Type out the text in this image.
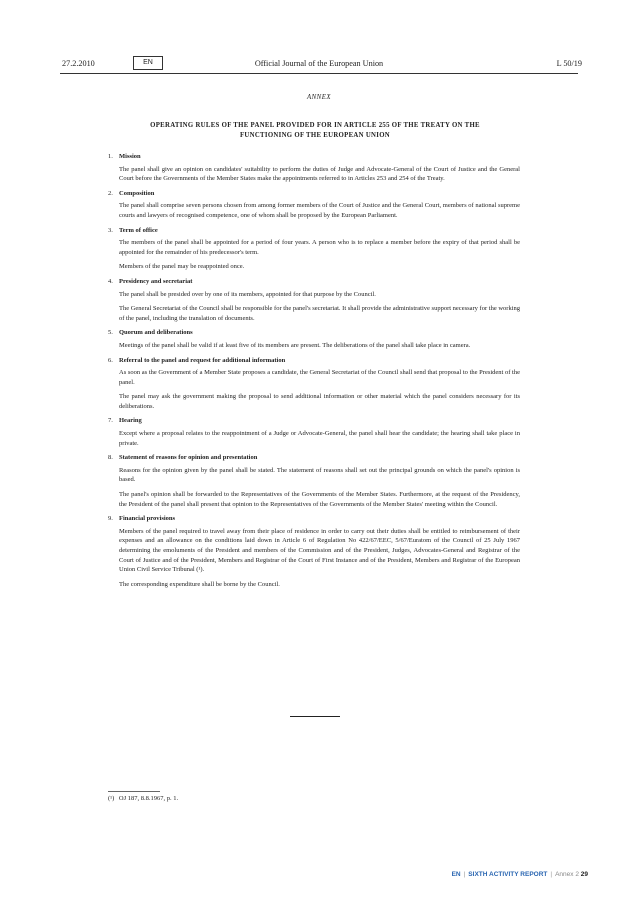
27.2.2010	EN	Official Journal of the European Union	L 50/19
ANNEX
OPERATING RULES OF THE PANEL PROVIDED FOR IN ARTICLE 255 OF THE TREATY ON THE
FUNCTIONING OF THE EUROPEAN UNION
1. Mission
The panel shall give an opinion on candidates' suitability to perform the duties of Judge and Advocate-General of the Court of Justice and the General Court before the Governments of the Member States make the appointments referred to in Articles 253 and 254 of the Treaty.
2. Composition
The panel shall comprise seven persons chosen from among former members of the Court of Justice and the General Court, members of national supreme courts and lawyers of recognised competence, one of whom shall be proposed by the European Parliament.
3. Term of office
The members of the panel shall be appointed for a period of four years. A person who is to replace a member before the expiry of that period shall be appointed for the remainder of his predecessor's term.
Members of the panel may be reappointed once.
4. Presidency and secretariat
The panel shall be presided over by one of its members, appointed for that purpose by the Council.
The General Secretariat of the Council shall be responsible for the panel's secretariat. It shall provide the administrative support necessary for the working of the panel, including the translation of documents.
5. Quorum and deliberations
Meetings of the panel shall be valid if at least five of its members are present. The deliberations of the panel shall take place in camera.
6. Referral to the panel and request for additional information
As soon as the Government of a Member State proposes a candidate, the General Secretariat of the Council shall send that proposal to the President of the panel.
The panel may ask the government making the proposal to send additional information or other material which the panel considers necessary for its deliberations.
7. Hearing
Except where a proposal relates to the reappointment of a Judge or Advocate-General, the panel shall hear the candidate; the hearing shall take place in private.
8. Statement of reasons for opinion and presentation
Reasons for the opinion given by the panel shall be stated. The statement of reasons shall set out the principal grounds on which the panel's opinion is based.
The panel's opinion shall be forwarded to the Representatives of the Governments of the Member States. Furthermore, at the request of the Presidency, the President of the panel shall present that opinion to the Representatives of the Governments of the Member States' meeting within the Council.
9. Financial provisions
Members of the panel required to travel away from their place of residence in order to carry out their duties shall be entitled to reimbursement of their expenses and an allowance on the conditions laid down in Article 6 of Regulation No 422/67/EEC, 5/67/Euratom of the Council of 25 July 1967 determining the emoluments of the President and members of the Commission and of the President, Judges, Advocates-General and Registrar of the Court of Justice and of the President, Members and Registrar of the Court of First Instance and of the President, Members and Registrar of the European Union Civil Service Tribunal (¹).
The corresponding expenditure shall be borne by the Council.
(¹) OJ 187, 8.8.1967, p. 1.
EN | SIXTH ACTIVITY REPORT | Annex 2 29
